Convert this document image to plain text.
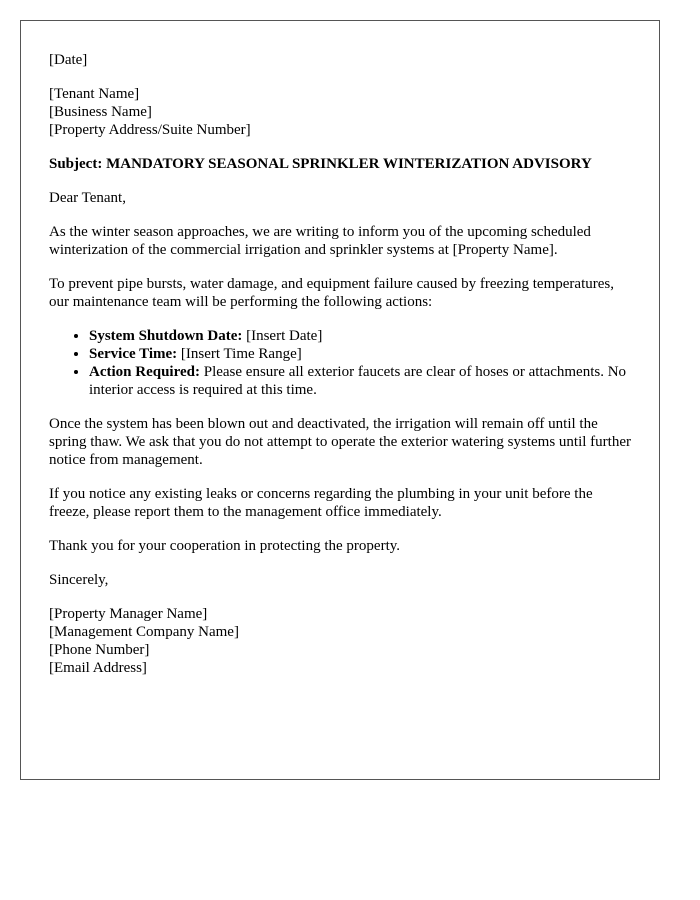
[Date]
[Tenant Name]
[Business Name]
[Property Address/Suite Number]

Subject: MANDATORY SEASONAL SPRINKLER WINTERIZATION ADVISORY

Dear Tenant,

As the winter season approaches, we are writing to inform you of the upcoming scheduled winterization of the commercial irrigation and sprinkler systems at [Property Name].

To prevent pipe bursts, water damage, and equipment failure caused by freezing temperatures, our maintenance team will be performing the following actions:

• System Shutdown Date: [Insert Date]
• Service Time: [Insert Time Range]
• Action Required: Please ensure all exterior faucets are clear of hoses or attachments. No interior access is required at this time.

Once the system has been blown out and deactivated, the irrigation will remain off until the spring thaw. We ask that you do not attempt to operate the exterior watering systems until further notice from management.

If you notice any existing leaks or concerns regarding the plumbing in your unit before the freeze, please report them to the management office immediately.

Thank you for your cooperation in protecting the property.

Sincerely,

[Property Manager Name]
[Management Company Name]
[Phone Number]
[Email Address]
